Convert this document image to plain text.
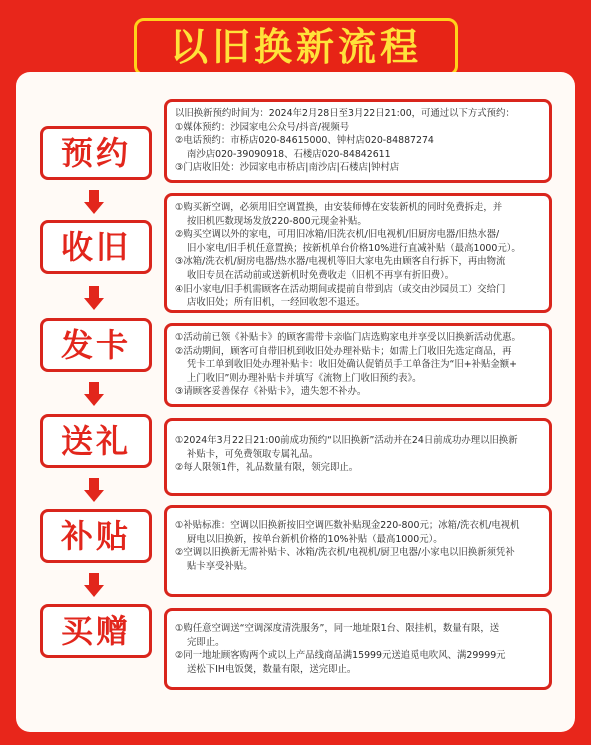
以旧换新流程
预约

以旧换新预约时间为：2024年2月28日至3月22日21:00，可通过以下方式预约：

①媒体预约：沙园家电公众号/抖音/视频号

②电话预约：市桥店020-84615000、钟村店020-84887274

南沙店020-39090918、石楼店020-84842611

③门店收旧处：沙园家电市桥店|南沙店|石楼店|钟村店

收旧

①购买新空调，必须用旧空调置换，由安装师傅在安装新机的同时免费拆走，并

按旧机匹数现场发放220-800元现金补贴。

②购买空调以外的家电，可用旧冰箱/旧洗衣机/旧电视机/旧厨房电器/旧热水器/

旧小家电/旧手机任意置换；按新机单台价格10%进行直减补贴（最高1000元）。

③冰箱/洗衣机/厨房电器/热水器/电视机等旧大家电先由顾客自行拆下，再由物流

收旧专员在活动前或送新机时免费收走（旧机不再享有折旧费）。

④旧小家电/旧手机需顾客在活动期间或提前自带到店（或交由沙园员工）交给门

店收旧处；所有旧机，一经回收恕不退还。

发卡	①活动前已领《补贴卡》的顾客需带卡亲临门店选购家电并享受以旧换新活动优惠。

②活动期间，顾客可自带旧机到收旧处办理补贴卡；如需上门收旧先选定商品，再

凭卡工单到收旧处办理补贴卡：收旧处确认促销员手工单备注为“旧+补贴金额+

上门收旧”则办理补贴卡并填写《流物上门收旧预约表》。

③请顾客妥善保存《补贴卡》，遗失恕不补办。

送礼	①2024年3月22日21:00前成功预约“以旧换新”活动并在24日前成功办理以旧换新

补贴卡，可免费领取专属礼品。

②每人限领1件，礼品数量有限，领完即止。

补贴	①补贴标准：空调以旧换新按旧空调匹数补贴现金220-800元；冰箱/洗衣机/电视机

厨电以旧换新，按单台新机价格的10%补贴（最高1000元）。

②空调以旧换新无需补贴卡、冰箱/洗衣机/电视机/厨卫电器/小家电以旧换新须凭补

贴卡享受补贴。

买赠	①购任意空调送“空调深度清洗服务”，同一地址限1台、限挂机，数量有限，送

完即止。

②同一地址顾客购两个或以上产品线商品满15999元送追觅电吹风、满29999元

送松下IH电饭煲，数量有限，送完即止。
